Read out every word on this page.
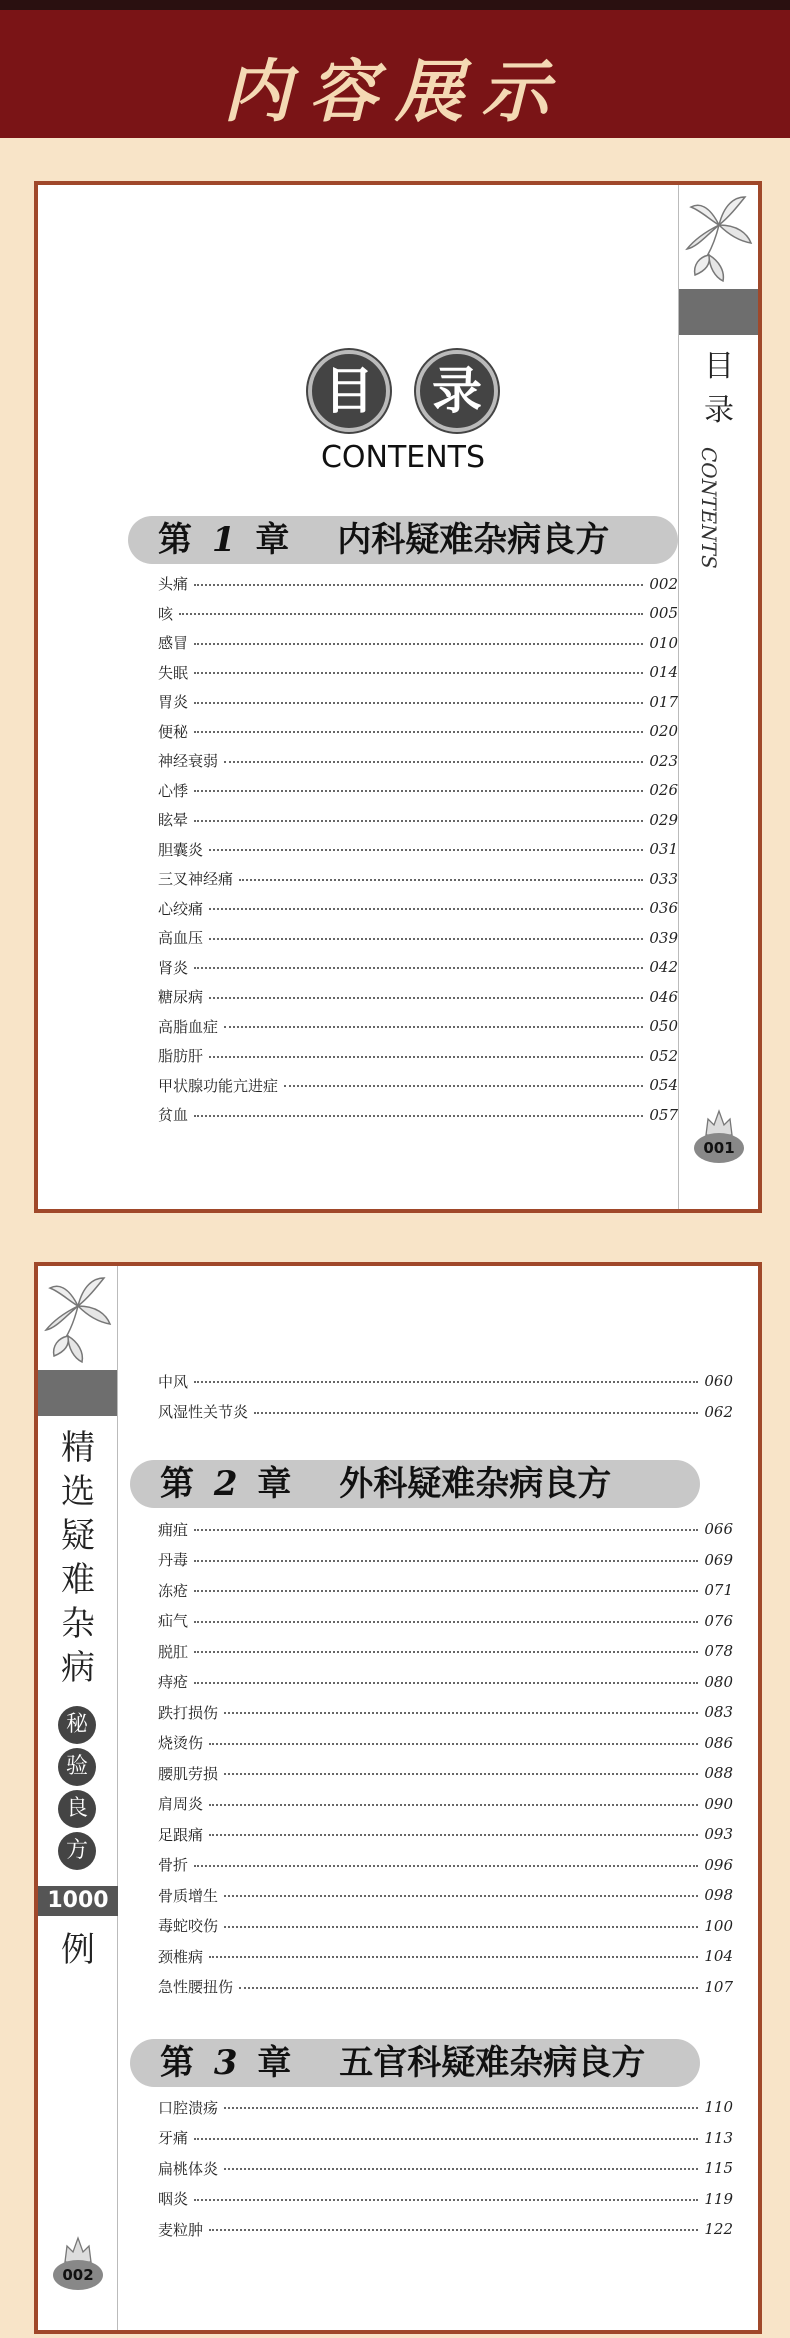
内容展示
目
录
CONTENTS
001
目	录
CONTENTS
第 1 章 内科疑难杂病良方
头痛	002
咳	005
感冒	010
失眠	014
胃炎	017
便秘	020
神经衰弱	023
心悸	026
眩晕	029
胆囊炎	031
三叉神经痛	033
心绞痛	036
高血压	039
肾炎	042
糖尿病	046
高脂血症	050
脂肪肝	052
甲状腺功能亢进症	054
贫血	057
精
选
疑
难
杂
病
秘
验
良
方
1000
例
002
中风	060
风湿性关节炎	062
第 2 章 外科疑难杂病良方
痈疽	066
丹毒	069
冻疮	071
疝气	076
脱肛	078
痔疮	080
跌打损伤	083
烧烫伤	086
腰肌劳损	088
肩周炎	090
足跟痛	093
骨折	096
骨质增生	098
毒蛇咬伤	100
颈椎病	104
急性腰扭伤	107
第 3 章 五官科疑难杂病良方
口腔溃疡	110
牙痛	113
扁桃体炎	115
咽炎	119
麦粒肿	122
